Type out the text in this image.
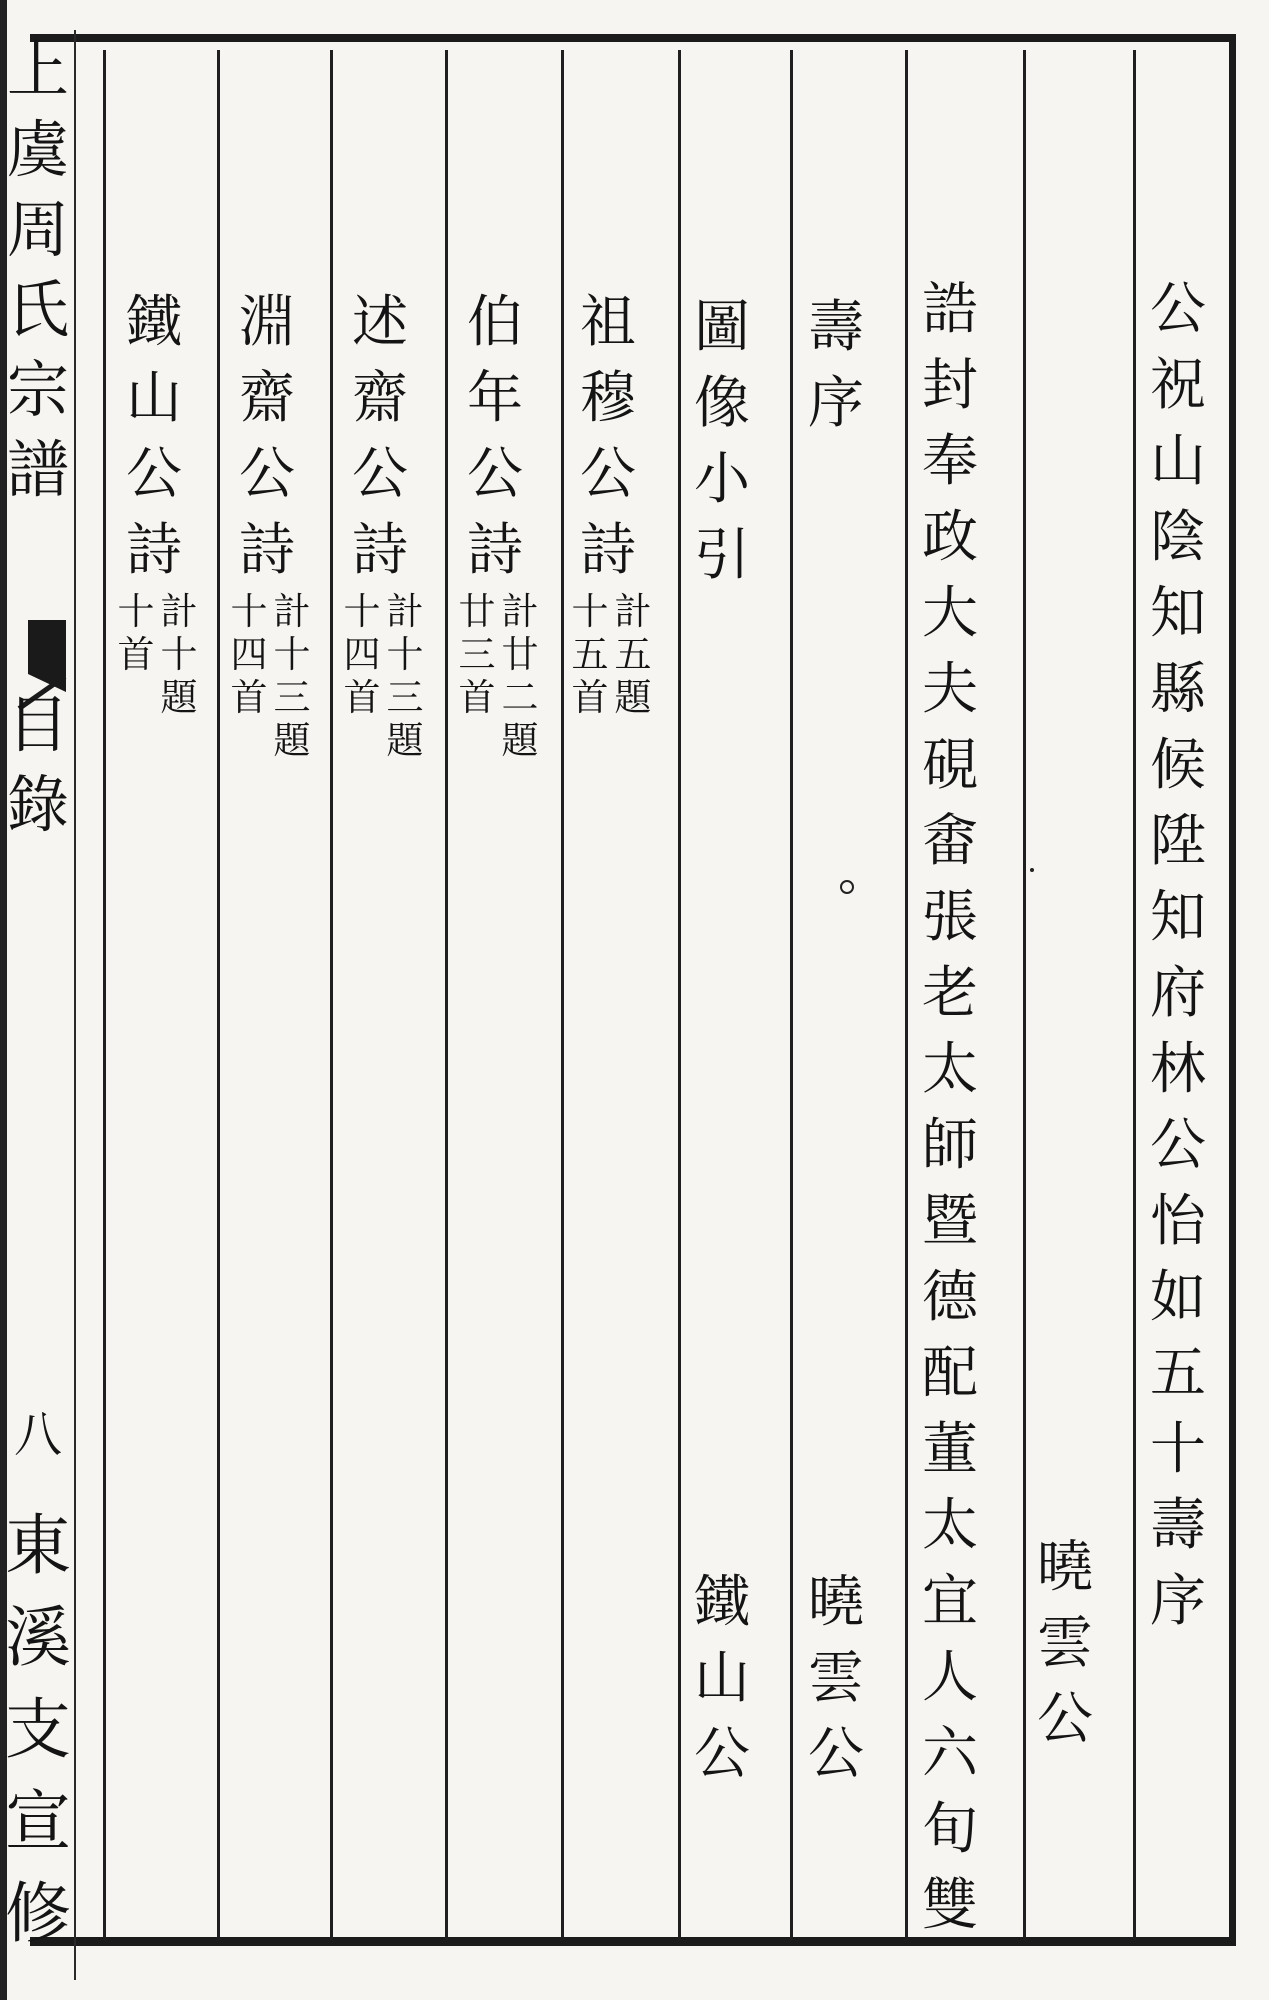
上
虞
周
氏
宗
譜
目
錄
八
東
溪
支
宣
修
公
祝
山
陰
知
縣
候
陞
知
府
林
公
怡
如
五
十
壽
序
曉
雲
公
誥
封
奉
政
大
夫
硯
畬
張
老
太
師
暨
德
配
董
太
宜
人
六
旬
雙
壽
序
曉
雲
公
圖
像
小
引
鐵
山
公
祖
穆
公
詩
十
五
首
計
五
題
伯
年
公
詩
廿
三
首
計
廿
二
題
述
齋
公
詩
十
四
首
計
十
三
題
淵
齋
公
詩
十
四
首
計
十
三
題
鐵
山
公
詩
十
首
計
十
題
